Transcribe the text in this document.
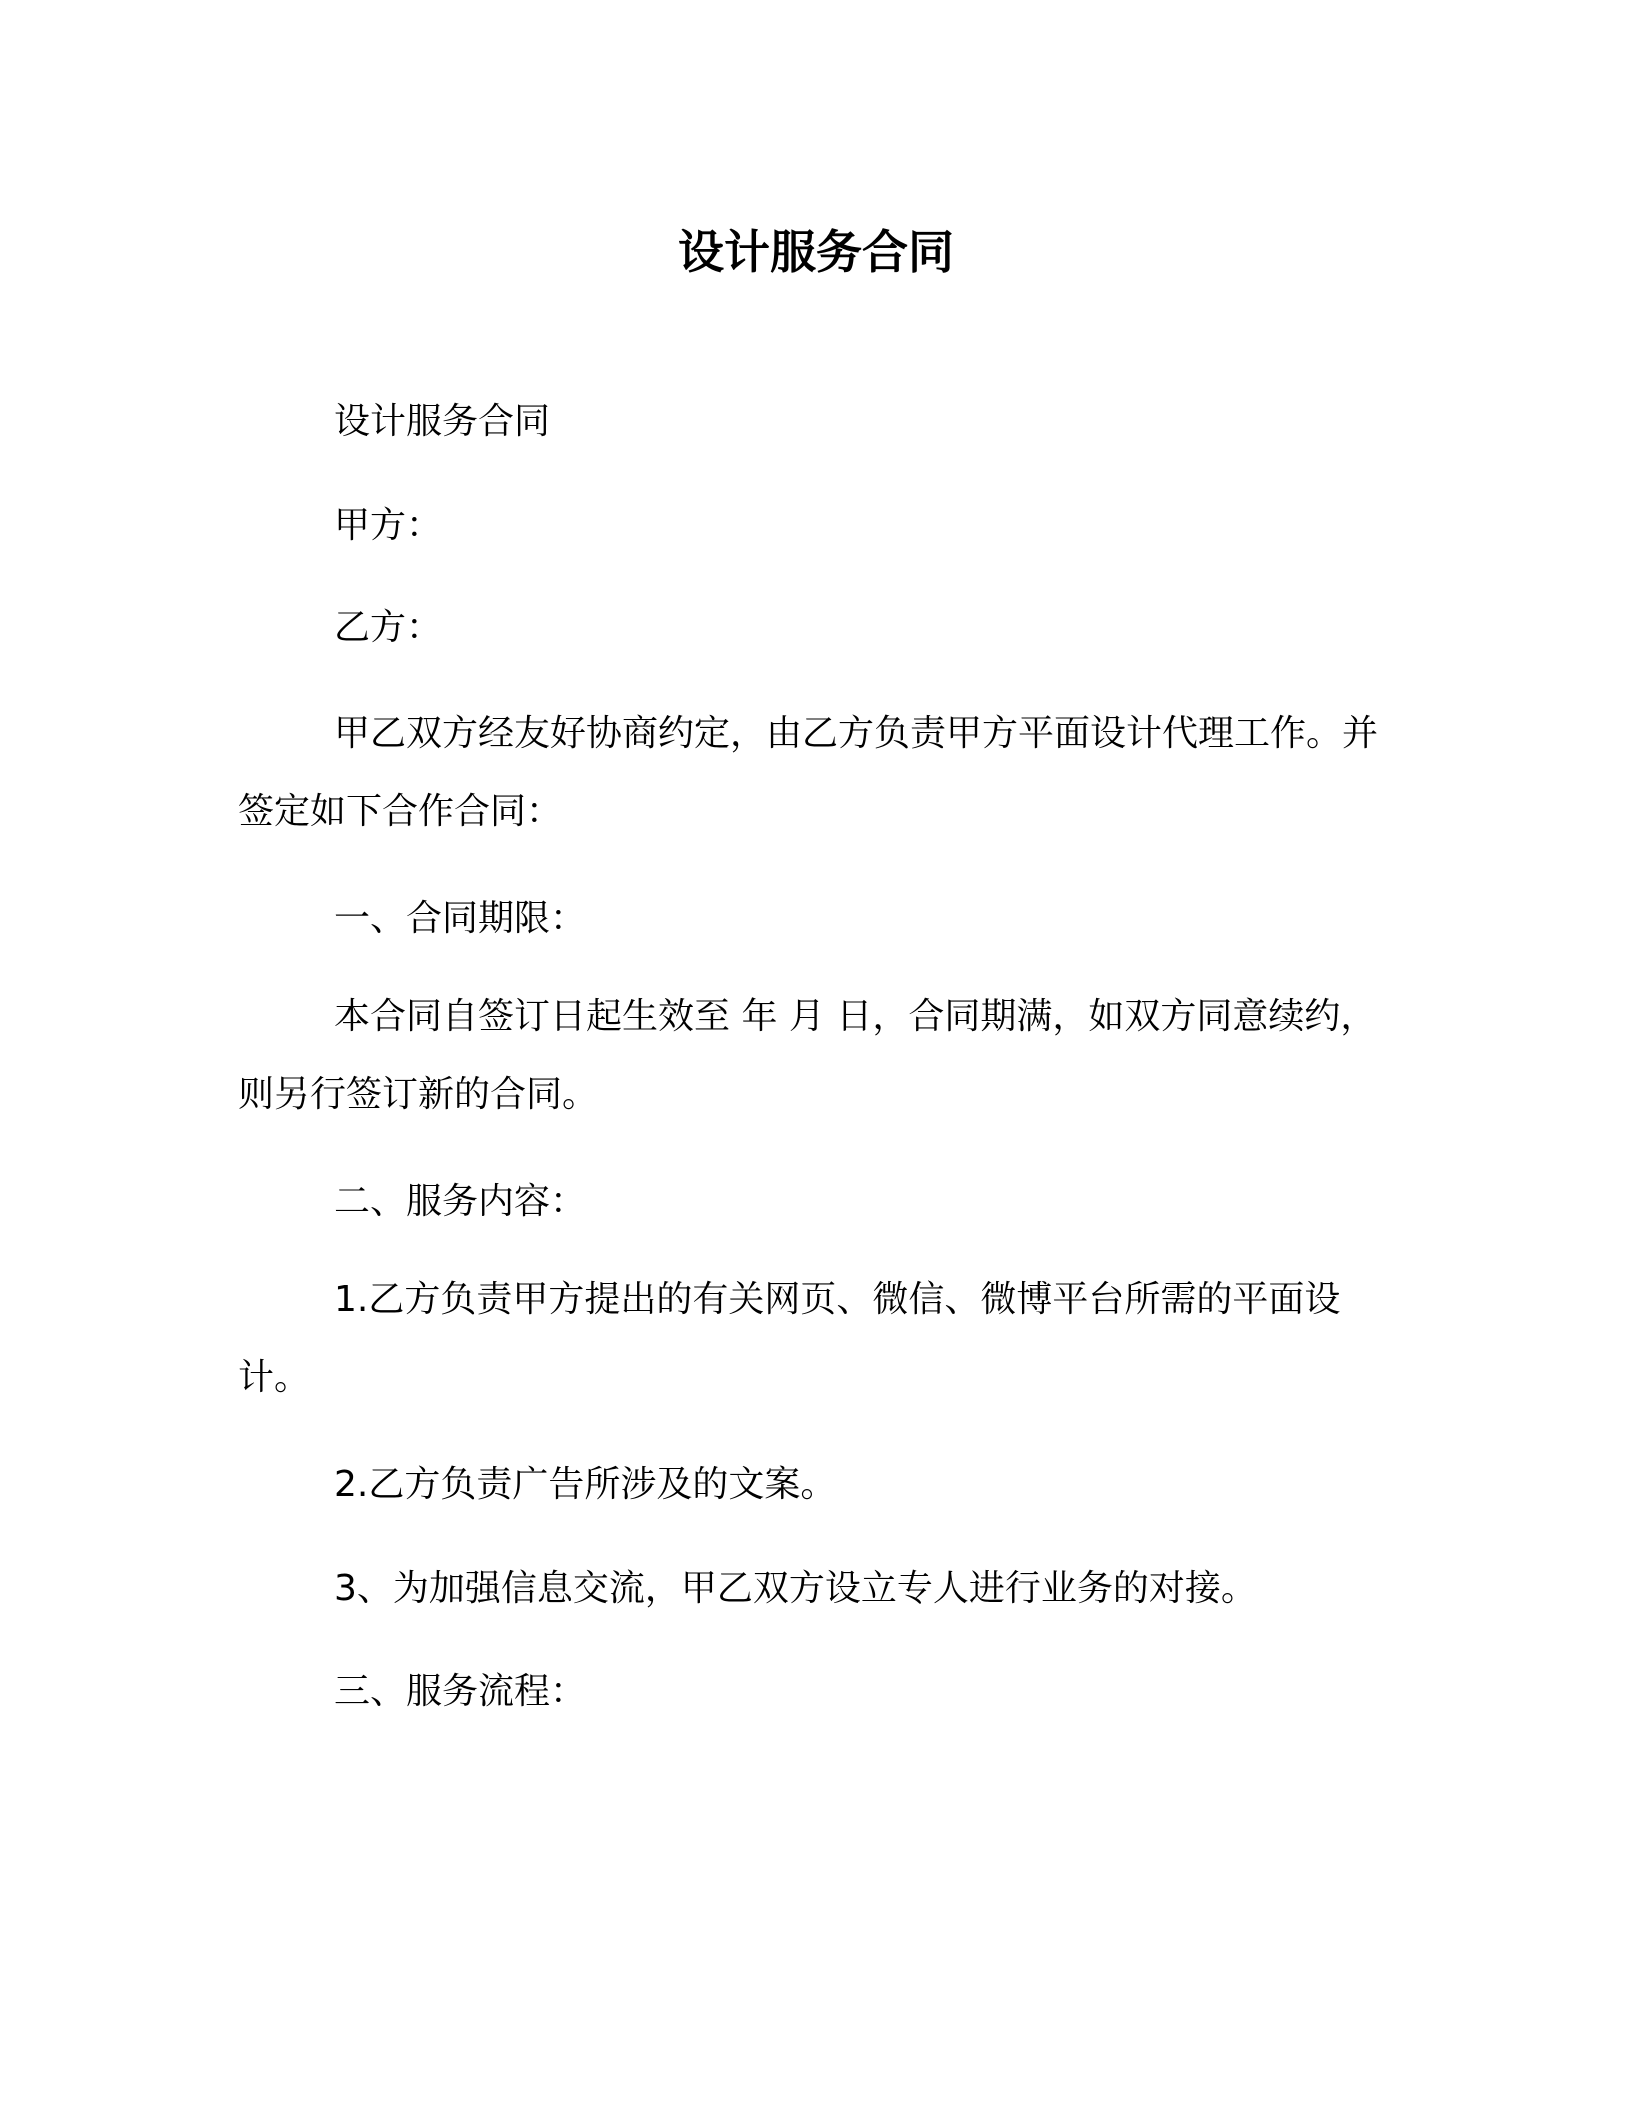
设计服务合同
设计服务合同
甲方：
乙方：
甲乙双方经友好协商约定，由乙方负责甲方平面设计代理工作。并签定如下合作合同：
一、合同期限：
本合同自签订日起生效至 年 月 日，合同期满，如双方同意续约，则另行签订新的合同。
二、服务内容：
1.乙方负责甲方提出的有关网页、微信、微博平台所需的平面设计。
2.乙方负责广告所涉及的文案。
3、为加强信息交流，甲乙双方设立专人进行业务的对接。
三、服务流程：
